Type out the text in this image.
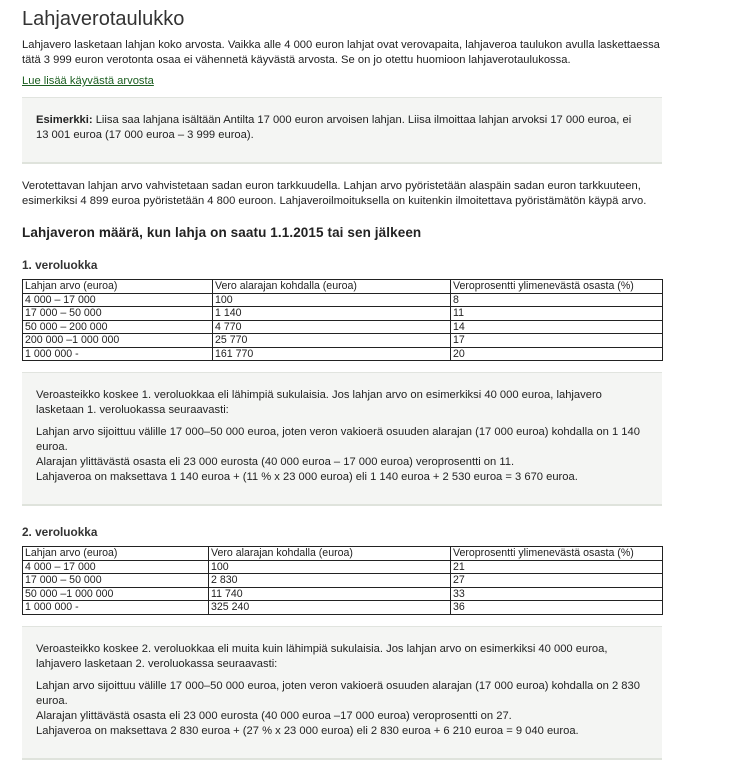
Lahjaverotaulukko

Lahjavero lasketaan lahjan koko arvosta. Vaikka alle 4 000 euron lahjat ovat verovapaita, lahjaveroa taulukon avulla laskettaessa

tätä 3 999 euron verotonta osaa ei vähennetä käyvästä arvosta. Se on jo otettu huomioon lahjaverotaulukossa.

Lue lisää käyvästä arvosta

Esimerkki: Liisa saa lahjana isältään Antilta 17 000 euron arvoisen lahjan. Liisa ilmoittaa lahjan arvoksi 17 000 euroa, ei

13 001 euroa (17 000 euroa – 3 999 euroa).

Verotettavan lahjan arvo vahvistetaan sadan euron tarkkuudella. Lahjan arvo pyöristetään alaspäin sadan euron tarkkuuteen,

esimerkiksi 4 899 euroa pyöristetään 4 800 euroon. Lahjaveroilmoituksella on kuitenkin ilmoitettava pyöristämätön käypä arvo.

Lahjaveron määrä, kun lahja on saatu 1.1.2015 tai sen jälkeen
1. veroluokka
Lahjan arvo (euroa)	Vero alarajan kohdalla (euroa)	Veroprosentti ylimenevästä osasta (%)
4 000 – 17 000	100	8
17 000 – 50 000	1 140	11
50 000 – 200 000	4 770	14
200 000 –1 000 000	25 770	17
1 000 000 -	161 770	20

Veroasteikko koskee 1. veroluokkaa eli lähimpiä sukulaisia. Jos lahjan arvo on esimerkiksi 40 000 euroa, lahjavero

lasketaan 1. veroluokassa seuraavasti:

Lahjan arvo sijoittuu välille 17 000–50 000 euroa, joten veron vakioerä osuuden alarajan (17 000 euroa) kohdalla on 1 140

euroa.

Alarajan ylittävästä osasta eli 23 000 eurosta (40 000 euroa – 17 000 euroa) veroprosentti on 11.

Lahjaveroa on maksettava 1 140 euroa + (11 % x 23 000 euroa) eli 1 140 euroa + 2 530 euroa = 3 670 euroa.

2. veroluokka
Lahjan arvo (euroa)	Vero alarajan kohdalla (euroa)	Veroprosentti ylimenevästä osasta (%)
4 000 – 17 000	100	21
17 000 – 50 000	2 830	27
50 000 –1 000 000	11 740	33
1 000 000 -	325 240	36

Veroasteikko koskee 2. veroluokkaa eli muita kuin lähimpiä sukulaisia. Jos lahjan arvo on esimerkiksi 40 000 euroa,

lahjavero lasketaan 2. veroluokassa seuraavasti:

Lahjan arvo sijoittuu välille 17 000–50 000 euroa, joten veron vakioerä osuuden alarajan (17 000 euroa) kohdalla on 2 830

euroa.

Alarajan ylittävästä osasta eli 23 000 eurosta (40 000 euroa –17 000 euroa) veroprosentti on 27.

Lahjaveroa on maksettava 2 830 euroa + (27 % x 23 000 euroa) eli 2 830 euroa + 6 210 euroa = 9 040 euroa.
